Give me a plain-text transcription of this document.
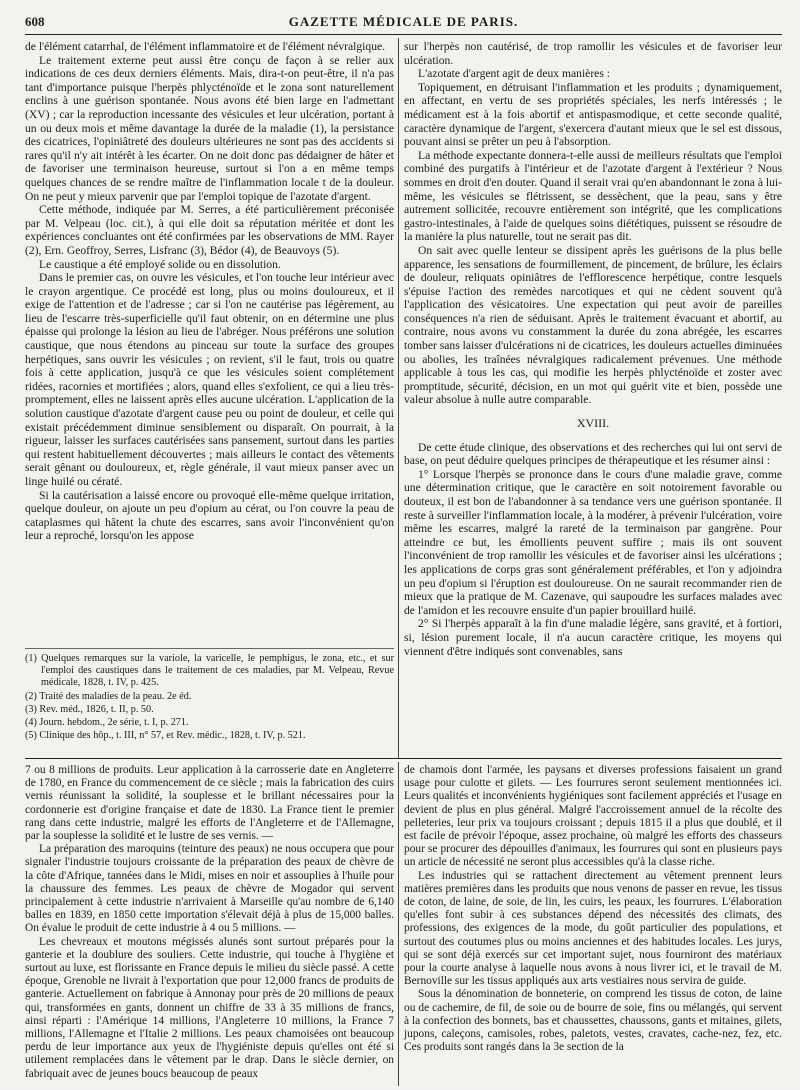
608	GAZETTE MÉDICALE DE PARIS.

de l'élément catarrhal, de l'élément inflammatoire et de l'élément névralgique.

Le traitement externe peut aussi être conçu de façon à se relier aux indications de ces deux derniers éléments. Mais, dira-t-on peut-être, il n'a pas tant d'importance puisque l'herpès phlycténoïde et le zona sont naturellement enclins à une guérison spontanée. Nous avons été bien large en l'admettant (XV) ; car la reproduction incessante des vésicules et leur ulcération, portant à un ou deux mois et même davantage la durée de la maladie (1), la persistance des cicatrices, l'opiniâtreté des douleurs ultérieures ne sont pas des accidents si rares qu'il n'y ait intérêt à les écarter. On ne doit donc pas dédaigner de hâter et de favoriser une terminaison heureuse, surtout si l'on a en même temps quelques chances de se rendre maître de l'inflammation locale t de la douleur. On ne peut y mieux parvenir que par l'emploi topique de l'azotate d'argent.

Cette méthode, indiquée par M. Serres, a été particulièrement préconisée par M. Velpeau (loc. cit.), à qui elle doit sa réputation méritée et dont les expériences concluantes ont été confirmées par les observations de MM. Rayer (2), Ern. Geoffroy, Serres, Lisfranc (3), Bédor (4), de Beauvoys (5).

Le caustique a été employé solide ou en dissolution.

Dans le premier cas, on ouvre les vésicules, et l'on touche leur intérieur avec le crayon argentique. Ce procédé est long, plus ou moins douloureux, et il exige de l'attention et de l'adresse ; car si l'on ne cautérise pas légèrement, au lieu de l'escarre très-superficielle qu'il faut obtenir, on en détermine une plus épaisse qui prolonge la lésion au lieu de l'abréger. Nous préférons une solution caustique, que nous étendons au pinceau sur toute la surface des groupes herpétiques, sans ouvrir les vésicules ; on revient, s'il le faut, trois ou quatre fois à cette application, jusqu'à ce que les vésicules soient complétement ridées, racornies et mortifiées ; alors, quand elles s'exfolient, ce qui a lieu très-promptement, elles ne laissent après elles aucune ulcération. L'application de la solution caustique d'azotate d'argent cause peu ou point de douleur, et celle qui existait précédemment diminue sensiblement ou disparaît. On pourrait, à la rigueur, laisser les surfaces cautérisées sans pansement, surtout dans les parties qui restent habituellement découvertes ; mais ailleurs le contact des vêtements serait gênant ou douloureux, et, règle générale, il vaut mieux panser avec un linge huilé ou cératé.

Si la cautérisation a laissé encore ou provoqué elle-même quelque irritation, quelque douleur, on ajoute un peu d'opium au cérat, ou l'on couvre la peau de cataplasmes qui hâtent la chute des escarres, sans avoir l'inconvénient qu'on leur a reproché, lorsqu'on les appose

(1) Quelques remarques sur la variole, la varicelle, le pemphigus, le zona, etc., et sur l'emploi des caustiques dans le traitement de ces maladies, par M. Velpeau, Revue médicale, 1828, t. IV, p. 425.

(2) Traité des maladies de la peau. 2e éd.

(3) Rev. méd., 1826, t. II, p. 50.

(4) Journ. hebdom., 2e série, t. I, p. 271.

(5) Clinique des hôp., t. III, n° 57, et Rev. médic., 1828, t. IV, p. 521.

sur l'herpès non cautérisé, de trop ramollir les vésicules et de favoriser leur ulcération.

L'azotate d'argent agit de deux manières :

Topiquement, en détruisant l'inflammation et les produits ; dynamiquement, en affectant, en vertu de ses propriétés spéciales, les nerfs intéressés ; le médicament est à la fois abortif et antispasmodique, et cette seconde qualité, caractère dynamique de l'argent, s'exercera d'autant mieux que le sel est dissous, pouvant ainsi se prêter un peu à l'absorption.

La méthode expectante donnera-t-elle aussi de meilleurs résultats que l'emploi combiné des purgatifs à l'intérieur et de l'azotate d'argent à l'extérieur ? Nous sommes en droit d'en douter. Quand il serait vrai qu'en abandonnant le zona à lui-même, les vésicules se flétrissent, se dessèchent, que la peau, sans y être autrement sollicitée, recouvre entièrement son intégrité, que les complications gastro-intestinales, à l'aide de quelques soins diététiques, puissent se résoudre de la manière la plus naturelle, tout ne serait pas dit.

On sait avec quelle lenteur se dissipent après les guérisons de la plus belle apparence, les sensations de fourmillement, de pincement, de brûlure, les éclairs de douleur, reliquats opiniâtres de l'efflorescence herpétique, contre lesquels s'épuise l'action des remèdes narcotiques et qui ne cèdent souvent qu'à l'application des vésicatoires. Une expectation qui peut avoir de pareilles conséquences n'a rien de séduisant. Après le traitement évacuant et abortif, au contraire, nous avons vu constamment la durée du zona abrégée, les escarres tomber sans laisser d'ulcérations ni de cicatrices, les douleurs actuelles diminuées ou abolies, les traînées névralgiques radicalement prévenues. Une méthode applicable à tous les cas, qui modifie les herpès phlycténoïde et zoster avec promptitude, sécurité, décision, en un mot qui guérit vite et bien, possède une valeur absolue à nulle autre comparable.

XVIII.

De cette étude clinique, des observations et des recherches qui lui ont servi de base, on peut déduire quelques principes de thérapeutique et les résumer ainsi :

1° Lorsque l'herpès se prononce dans le cours d'une maladie grave, comme une détermination critique, que le caractère en soit notoirement favorable ou douteux, il est bon de l'abandonner à sa tendance vers une guérison spontanée. Il reste à surveiller l'inflammation locale, à la modérer, à prévenir l'ulcération, voire même les escarres, malgré la rareté de la terminaison par gangrène. Pour atteindre ce but, les émollients peuvent suffire ; mais ils ont souvent l'inconvénient de trop ramollir les vésicules et de favoriser ainsi les ulcérations ; les applications de corps gras sont généralement préférables, et l'on y adjoindra un peu d'opium si l'éruption est douloureuse. On ne saurait recommander rien de mieux que la pratique de M. Cazenave, qui saupoudre les surfaces malades avec de l'amidon et les recouvre ensuite d'un papier brouillard huilé.

2° Si l'herpès apparaît à la fin d'une maladie légère, sans gravité, et à fortiori, si, lésion purement locale, il n'a aucun caractère critique, les moyens qui viennent d'être indiqués sont convenables, sans

7 ou 8 millions de produits. Leur application à la carrosserie date en Angleterre de 1780, en France du commencement de ce siècle ; mais la fabrication des cuirs vernis réunissant la solidité, la souplesse et le brillant nécessaires pour la cordonnerie est d'origine française et date de 1830. La France tient le premier rang dans cette industrie, malgré les efforts de l'Angleterre et de l'Allemagne, par la souplesse la solidité et le lustre de ses vernis. —

La préparation des maroquins (teinture des peaux) ne nous occupera que pour signaler l'industrie toujours croissante de la préparation des peaux de chèvre de la côte d'Afrique, tannées dans le Midi, mises en noir et assouplies à l'huile pour la chaussure des femmes. Les peaux de chèvre de Mogador qui servent principalement à cette industrie n'arrivaient à Marseille qu'au nombre de 6,140 balles en 1839, en 1850 cette importation s'élevait déjà à plus de 15,000 balles. On évalue le produit de cette industrie à 4 ou 5 millions. —

Les chevreaux et moutons mégissés alunés sont surtout préparés pour la ganterie et la doublure des souliers. Cette industrie, qui touche à l'hygiène et surtout au luxe, est florissante en France depuis le milieu du siècle passé. A cette époque, Grenoble ne livrait à l'exportation que pour 12,000 francs de produits de ganterie. Actuellement on fabrique à Annonay pour près de 20 millions de peaux qui, transformées en gants, donnent un chiffre de 33 à 35 millions de francs, ainsi réparti : l'Amérique 14 millions, l'Angleterre 10 millions, la France 7 millions, l'Allemagne et l'Italie 2 millions. Les peaux chamoisées ont beaucoup perdu de leur importance aux yeux de l'hygiéniste depuis qu'elles ont été si utilement remplacées dans le vêtement par le drap. Dans le siècle dernier, on fabriquait avec de jeunes boucs beaucoup de peaux

de chamois dont l'armée, les paysans et diverses professions faisaient un grand usage pour culotte et gilets. — Les fourrures seront seulement mentionnées ici. Leurs qualités et inconvénients hygiéniques sont facilement appréciés et l'usage en devient de plus en plus général. Malgré l'accroissement annuel de la récolte des pelleteries, leur prix va toujours croissant ; depuis 1815 il a plus que doublé, et il est facile de prévoir l'époque, assez prochaine, où malgré les efforts des chasseurs pour se procurer des dépouilles d'animaux, les fourrures qui sont en plusieurs pays un article de nécessité ne seront plus accessibles qu'à la classe riche.

Les industries qui se rattachent directement au vêtement prennent leurs matières premières dans les produits que nous venons de passer en revue, les tissus de coton, de laine, de soie, de lin, les cuirs, les peaux, les fourrures. L'élaboration qu'elles font subir à ces substances dépend des nécessités des climats, des professions, des exigences de la mode, du goût particulier des populations, et surtout des coutumes plus ou moins anciennes et des habitudes locales. Les jurys, qui se sont déjà exercés sur cet important sujet, nous fourniront des matériaux pour la courte analyse à laquelle nous avons à nous livrer ici, et le travail de M. Bernoville sur les tissus appliqués aux arts vestiaires nous servira de guide.

Sous la dénomination de bonneterie, on comprend les tissus de coton, de laine ou de cachemire, de fil, de soie ou de bourre de soie, fins ou mélangés, qui servent à la confection des bonnets, bas et chaussettes, chaussons, gants et mitaines, gilets, jupons, caleçons, camisoles, robes, paletots, vestes, cravates, cache-nez, fez, etc. Ces produits sont rangés dans la 3e section de la
